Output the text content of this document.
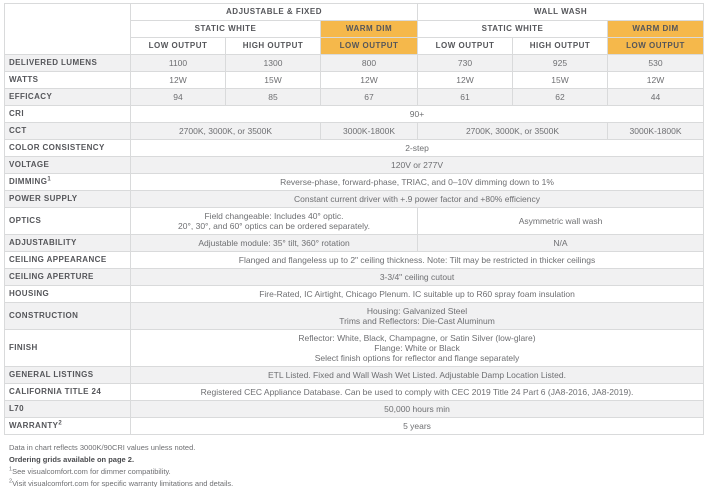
	ADJUSTABLE & FIXED			WALL WASH		
	STATIC WHITE		WARM DIM	STATIC WHITE		WARM DIM
	LOW OUTPUT	HIGH OUTPUT	LOW OUTPUT	LOW OUTPUT	HIGH OUTPUT	LOW OUTPUT
DELIVERED LUMENS	1100	1300	800	730	925	530
WATTS	12W	15W	12W	12W	15W	12W
EFFICACY	94	85	67	61	62	44
CRI	90+					
CCT	2700K, 3000K, or 3500K		3000K-1800K	2700K, 3000K, or 3500K		3000K-1800K
COLOR CONSISTENCY	2-step					
VOLTAGE	120V or 277V					
DIMMING$^1$	Reverse-phase, forward-phase, TRIAC, and 0–10V dimming down to 1%					
POWER SUPPLY	Constant current driver with +.9 power factor and +80% efficiency					
OPTICS	Field changeable: Includes 40° optic.
20°, 30°, and 60° optics can be ordered separately.			Asymmetric wall wash		
ADJUSTABILITY	Adjustable module: 35° tilt, 360° rotation			N/A		
CEILING APPEARANCE	Flanged and flangeless up to 2" ceiling thickness. Note: Tilt may be restricted in thicker ceilings					
CEILING APERTURE	3-3/4" ceiling cutout					
HOUSING	Fire-Rated, IC Airtight, Chicago Plenum. IC suitable up to R60 spray foam insulation					
CONSTRUCTION	Housing: Galvanized Steel
Trims and Reflectors: Die-Cast Aluminum					

FINISH	Reflector: White, Black, Champagne, or Satin Silver (low-glare)
Flange: White or Black
Select finish options for reflector and flange separately					

GENERAL LISTINGS	ETL Listed. Fixed and Wall Wash Wet Listed. Adjustable Damp Location Listed.					
CALIFORNIA TITLE 24	Registered CEC Appliance Database. Can be used to comply with CEC 2019 Title 24 Part 6 (JA8-2016, JA8-2019).					
L70	50,000 hours min					
WARRANTY$^2$	5 years					
Data in chart reflects 3000K/90CRI values unless noted.
Ordering grids available on page 2.
$^1$See visualcomfort.com for dimmer compatibility.
$^2$Visit visualcomfort.com for specific warranty limitations and details.
